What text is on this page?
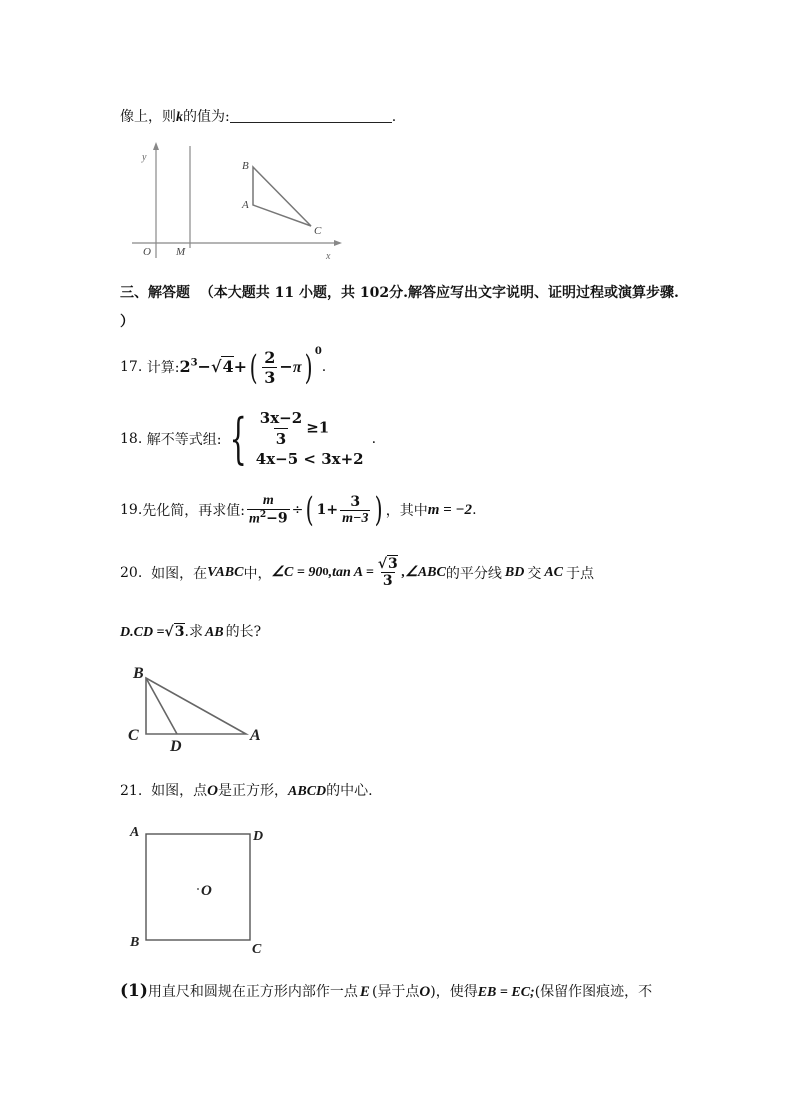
像上，则k的值为:	.
y
x
O M
B
A
C
三、解答题 （本大题共 11 小题，共 102分.解答应写出文字说明、证明过程或演算步骤.
）
17.
计算: $2^3-√4+( \frac{2}{3} -\pi)$ $^0$
.
18.
解不等式组: { $\frac{3x-2}{3} \ge 1$
4x−5 < 3x+2
.
19. 先化简，再求值: $\frac{m}{m^2-9}$ ÷ ( $1+ \frac{3}{m-3}$ ) ，其中 m = −2 .
20.
如图，在 VABC 中， ∠C = 90 0 ,tan $A = \frac{√3}{3}$ ,∠ABC 的平分线 BD 交 AC 于点
D.CD =√3.求 AB 的长?
B
C
D
A
21. 如图，点O是正方形，ABCD的中心.
A	D
B	C
O
(1)用直尺和圆规在正方形内部作一点 E (异于点O)，使得EB = EC;(保留作图痕迹，不
